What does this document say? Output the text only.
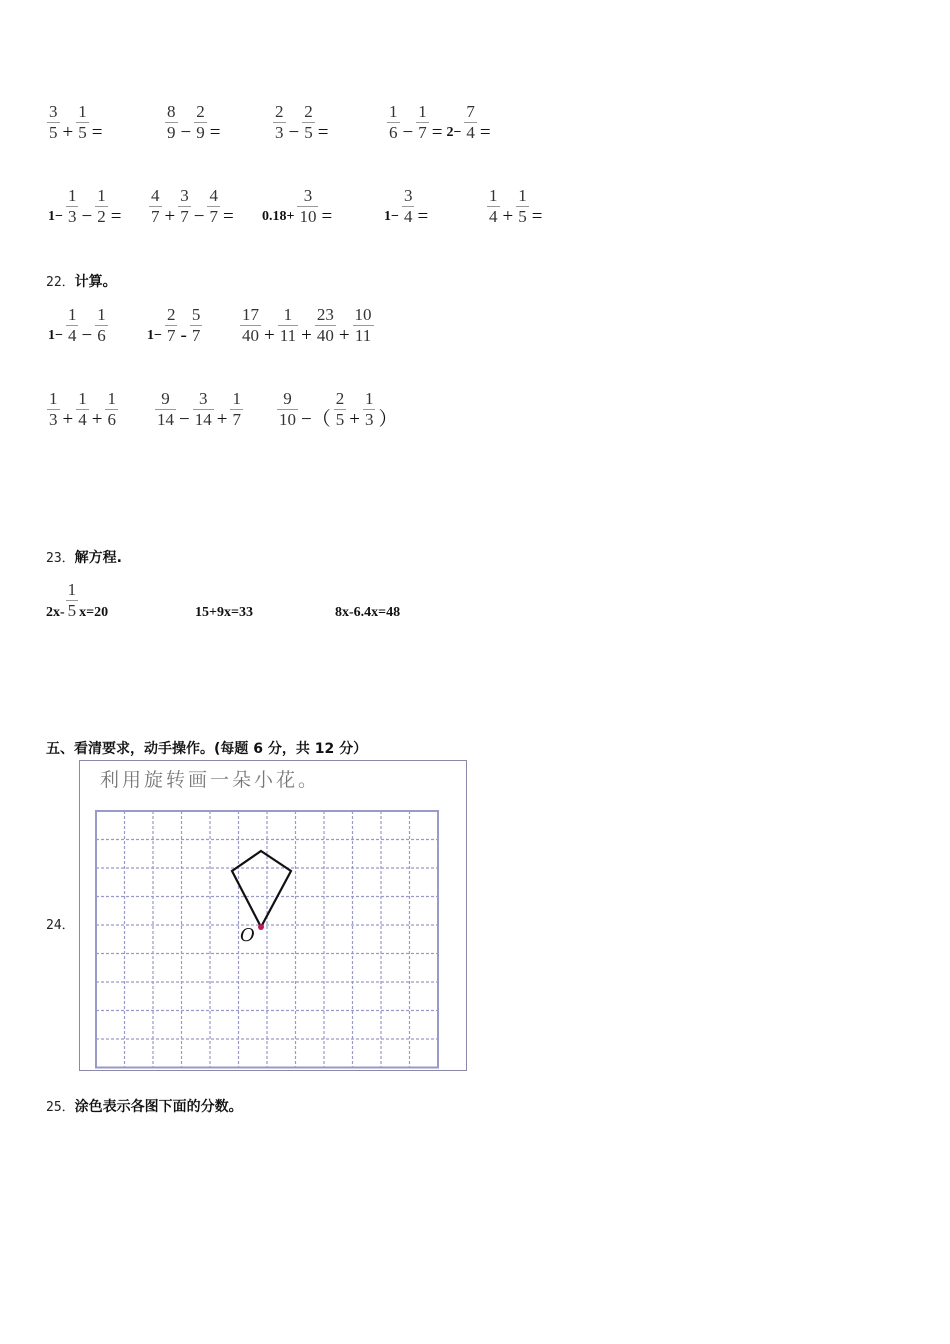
$\frac{3}{5} + \frac{1}{5}$ =	$\frac{8}{9} - \frac{2}{9}$ =	$\frac{2}{3} - \frac{2}{5}$ =	$\frac{1}{6} - \frac{1}{7} = 2- \frac{7}{4}$ =
$1- \frac{1}{3} - \frac{1}{2} = \frac{4}{7} + \frac{3}{7} - \frac{4}{7} = 0.18+ \frac{3}{10}$ =	$1- \frac{3}{4}$ =	$\frac{1}{4} + \frac{1}{5}$ =
22．计算。
$1- \frac{1}{4} - \frac{1}{6}$	$1- \frac{2}{7} - \frac{5}{7} \frac{17}{40} + \frac{1}{11} + \frac{23}{40} + \frac{10}{11}$
$\frac{1}{3} + \frac{1}{4} + \frac{1}{6} \frac{9}{14} - \frac{3}{14} + \frac{1}{7} \frac{9}{10}$ −（ $\frac{2}{5} + \frac{1}{3}$ ）
23．解方程.
$2x- \frac{1}{5} x=20$	15+9x=33	8x-6.4x=48
五、看清要求，动手操作。(每题 6 分，共 12 分）
24．
利用旋转画一朵小花。
O
25．涂色表示各图下面的分数。
